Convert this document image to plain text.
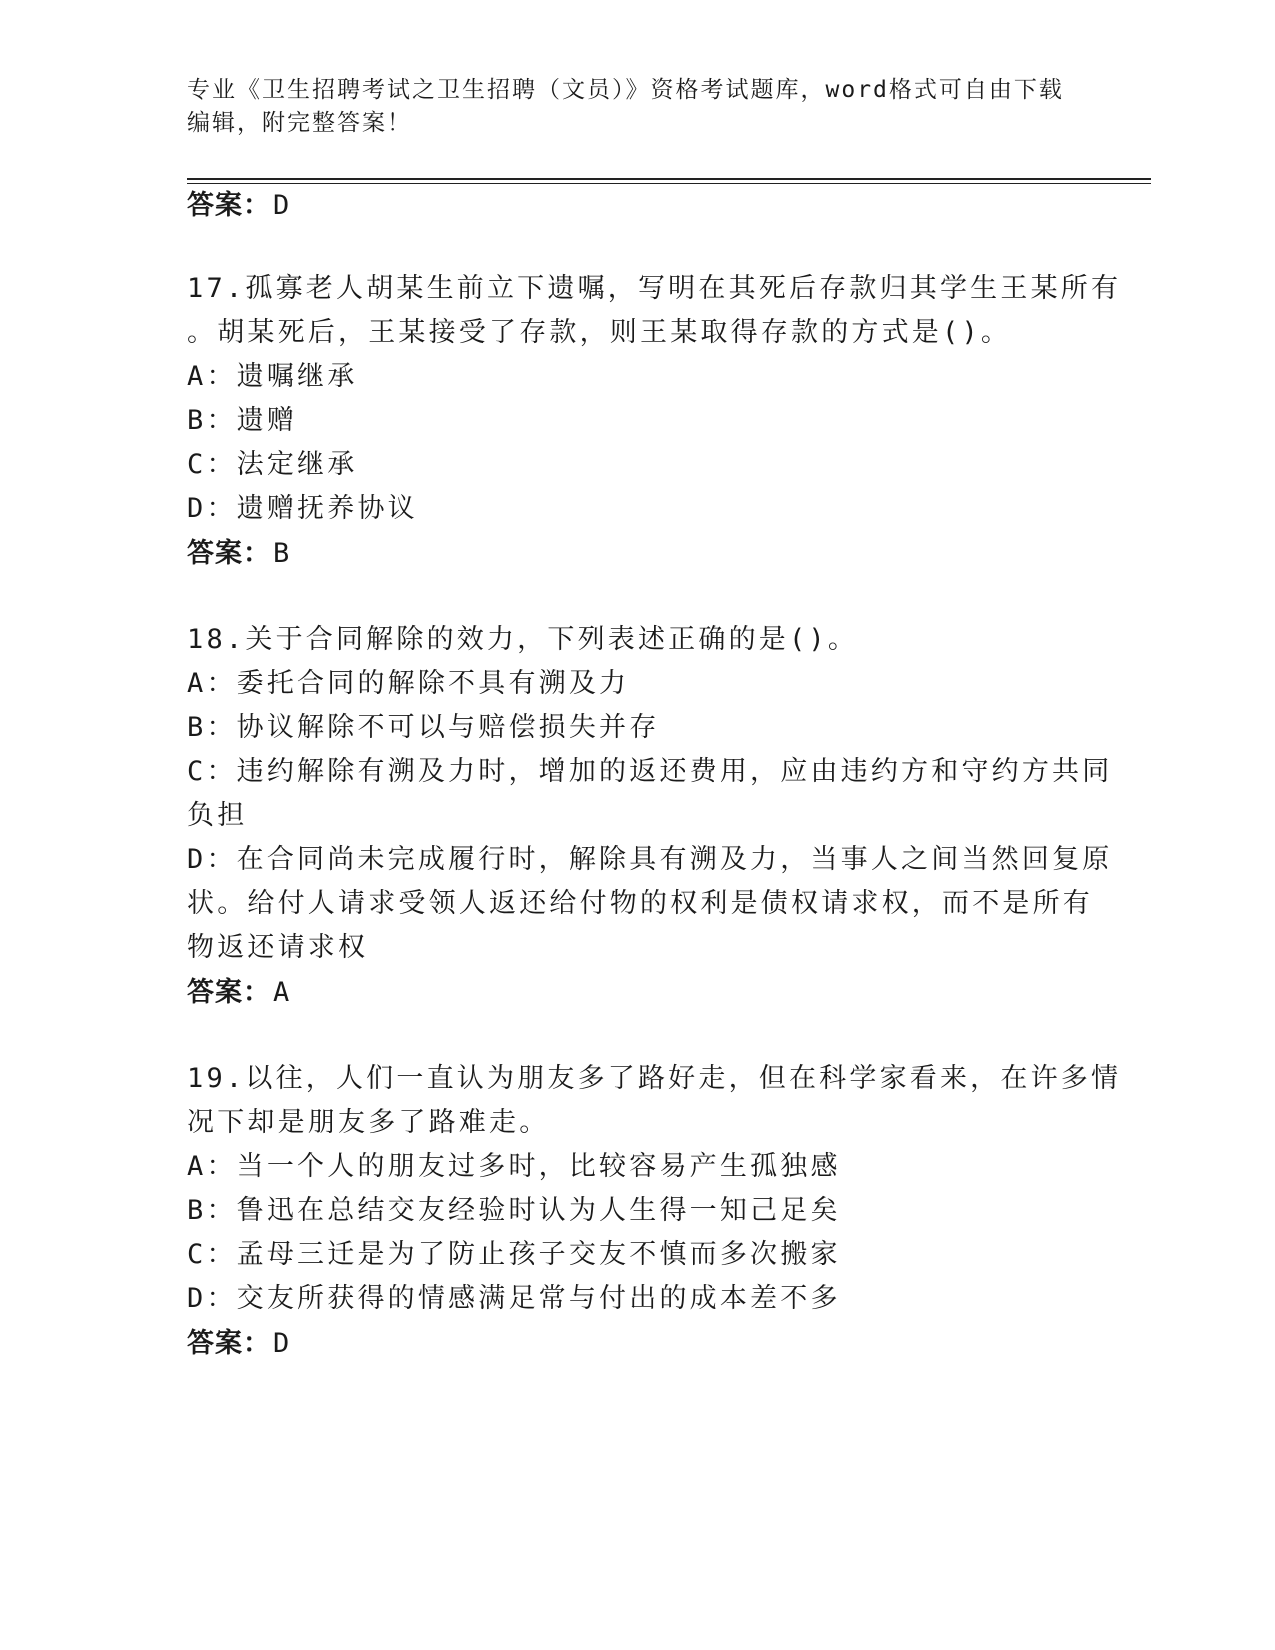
专业《卫生招聘考试之卫生招聘（文员）》资格考试题库，word格式可自由下载
编辑，附完整答案！
答案：D
17.孤寡老人胡某生前立下遗嘱，写明在其死后存款归其学生王某所有
。胡某死后，王某接受了存款，则王某取得存款的方式是()。
A：遗嘱继承
B：遗赠
C：法定继承
D：遗赠抚养协议
答案：B
18.关于合同解除的效力，下列表述正确的是()。
A：委托合同的解除不具有溯及力
B：协议解除不可以与赔偿损失并存
C：违约解除有溯及力时，增加的返还费用，应由违约方和守约方共同
负担
D：在合同尚未完成履行时，解除具有溯及力，当事人之间当然回复原
状。给付人请求受领人返还给付物的权利是债权请求权，而不是所有
物返还请求权
答案：A
19.以往，人们一直认为朋友多了路好走，但在科学家看来，在许多情
况下却是朋友多了路难走。
A：当一个人的朋友过多时，比较容易产生孤独感
B：鲁迅在总结交友经验时认为人生得一知己足矣
C：孟母三迁是为了防止孩子交友不慎而多次搬家
D：交友所获得的情感满足常与付出的成本差不多
答案：D
